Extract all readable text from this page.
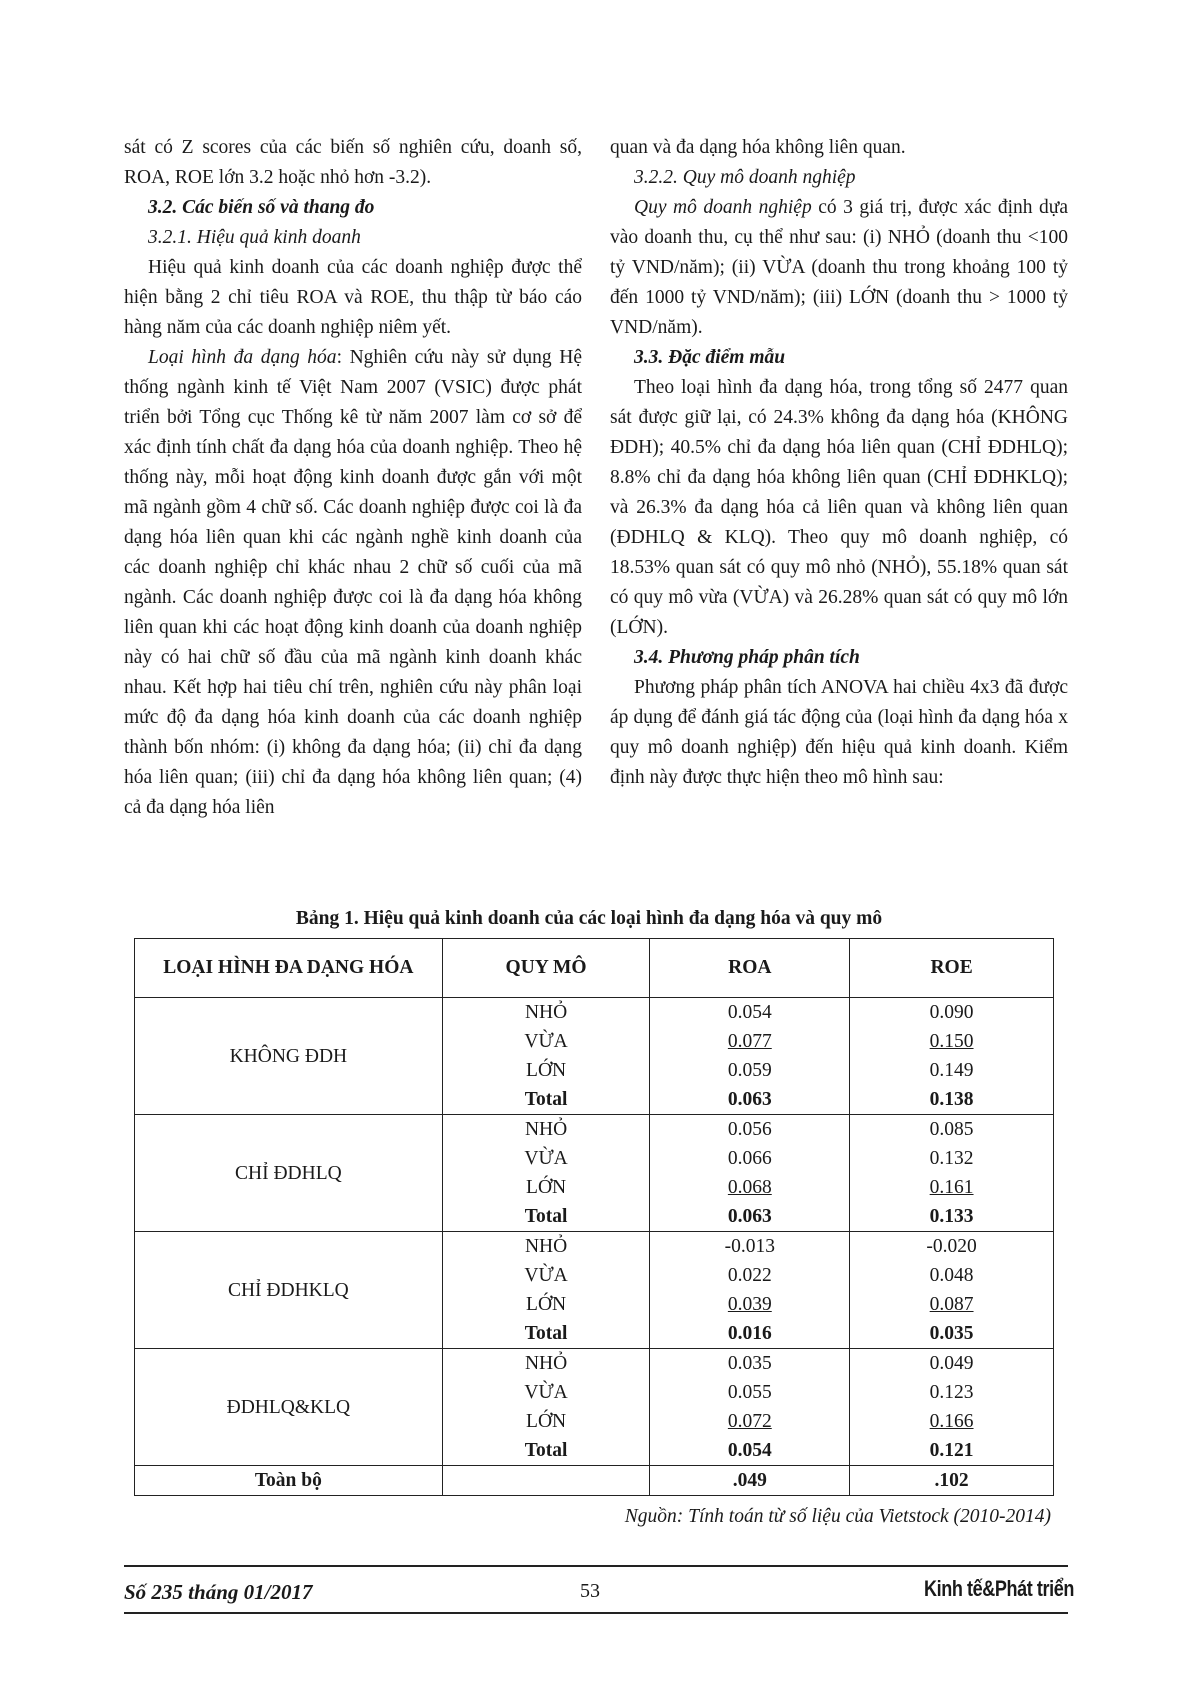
sát có Z scores của các biến số nghiên cứu, doanh số, ROA, ROE lớn 3.2 hoặc nhỏ hơn -3.2).

3.2. Các biến số và thang đo

3.2.1. Hiệu quả kinh doanh

Hiệu quả kinh doanh của các doanh nghiệp được thể hiện bằng 2 chỉ tiêu ROA và ROE, thu thập từ báo cáo hàng năm của các doanh nghiệp niêm yết.

Loại hình đa dạng hóa: Nghiên cứu này sử dụng Hệ thống ngành kinh tế Việt Nam 2007 (VSIC) được phát triển bởi Tổng cục Thống kê từ năm 2007 làm cơ sở để xác định tính chất đa dạng hóa của doanh nghiệp. Theo hệ thống này, mỗi hoạt động kinh doanh được gắn với một mã ngành gồm 4 chữ số. Các doanh nghiệp được coi là đa dạng hóa liên quan khi các ngành nghề kinh doanh của các doanh nghiệp chỉ khác nhau 2 chữ số cuối của mã ngành. Các doanh nghiệp được coi là đa dạng hóa không liên quan khi các hoạt động kinh doanh của doanh nghiệp này có hai chữ số đầu của mã ngành kinh doanh khác nhau. Kết hợp hai tiêu chí trên, nghiên cứu này phân loại mức độ đa dạng hóa kinh doanh của các doanh nghiệp thành bốn nhóm: (i) không đa dạng hóa; (ii) chỉ đa dạng hóa liên quan; (iii) chỉ đa dạng hóa không liên quan; (4) cả đa dạng hóa liên

quan và đa dạng hóa không liên quan.

3.2.2. Quy mô doanh nghiệp

Quy mô doanh nghiệp có 3 giá trị, được xác định dựa vào doanh thu, cụ thể như sau: (i) NHỎ (doanh thu <100 tỷ VND/năm); (ii) VỪA (doanh thu trong khoảng 100 tỷ đến 1000 tỷ VND/năm); (iii) LỚN (doanh thu > 1000 tỷ VND/năm).

3.3. Đặc điểm mẫu

Theo loại hình đa dạng hóa, trong tổng số 2477 quan sát được giữ lại, có 24.3% không đa dạng hóa (KHÔNG ĐDH); 40.5% chỉ đa dạng hóa liên quan (CHỈ ĐDHLQ); 8.8% chỉ đa dạng hóa không liên quan (CHỈ ĐDHKLQ); và 26.3% đa dạng hóa cả liên quan và không liên quan (ĐDHLQ & KLQ). Theo quy mô doanh nghiệp, có 18.53% quan sát có quy mô nhỏ (NHỎ), 55.18% quan sát có quy mô vừa (VỪA) và 26.28% quan sát có quy mô lớn (LỚN).

3.4. Phương pháp phân tích

Phương pháp phân tích ANOVA hai chiều 4x3 đã được áp dụng để đánh giá tác động của (loại hình đa dạng hóa x quy mô doanh nghiệp) đến hiệu quả kinh doanh. Kiểm định này được thực hiện theo mô hình sau:

Bảng 1. Hiệu quả kinh doanh của các loại hình đa dạng hóa và quy mô
LOẠI HÌNH ĐA DẠNG HÓA	QUY MÔ	ROA	ROE
KHÔNG ĐDH	NHỎ	0.054	0.090
	VỪA	0.077	0.150
	LỚN	0.059	0.149
	Total	0.063	0.138
CHỈ ĐDHLQ	NHỎ	0.056	0.085
	VỪA	0.066	0.132
	LỚN	0.068	0.161
	Total	0.063	0.133
CHỈ ĐDHKLQ	NHỎ	-0.013	-0.020
	VỪA	0.022	0.048
	LỚN	0.039	0.087
	Total	0.016	0.035
ĐDHLQ&KLQ	NHỎ	0.035	0.049
	VỪA	0.055	0.123
	LỚN	0.072	0.166
	Total	0.054	0.121
Toàn bộ		.049	.102
Nguồn: Tính toán từ số liệu của Vietstock (2010-2014)
Số 235 tháng 01/2017	53	Kinh tế&Phát triển
